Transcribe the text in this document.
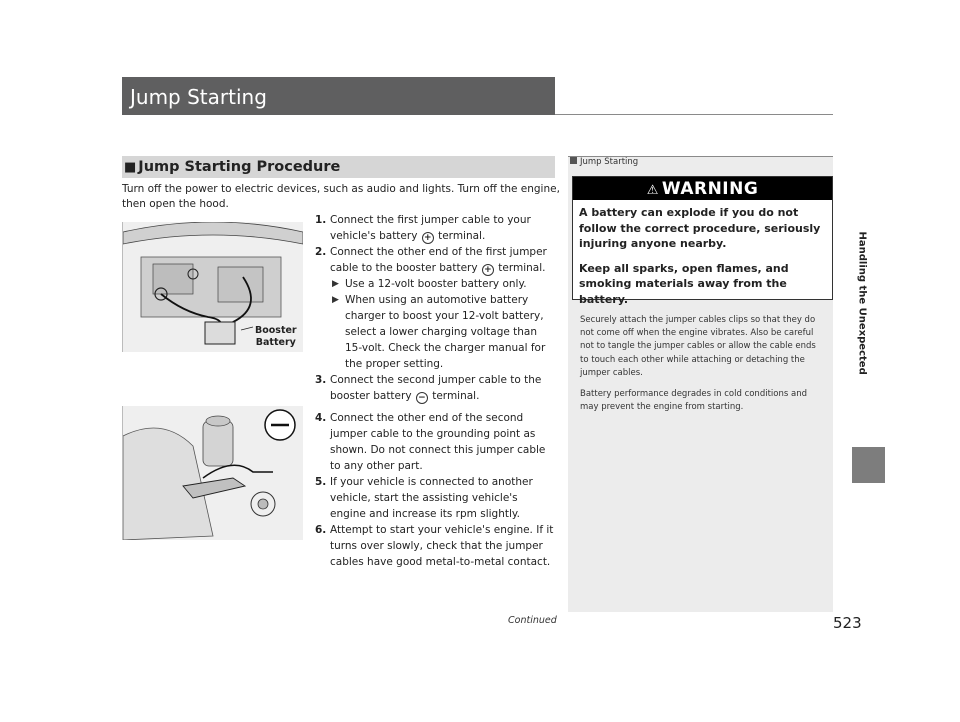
Jump Starting
■ Jump Starting Procedure
Turn off the power to electric devices, such as audio and lights. Turn off the engine, then open the hood.
Booster
Battery
1. Connect the first jumper cable to your vehicle's battery + terminal.
2. Connect the other end of the first jumper cable to the booster battery + terminal.
▶ Use a 12-volt booster battery only.
▶ When using an automotive battery charger to boost your 12-volt battery, select a lower charging voltage than 15-volt. Check the charger manual for the proper setting.
3. Connect the second jumper cable to the booster battery − terminal.
4. Connect the other end of the second jumper cable to the grounding point as shown. Do not connect this jumper cable to any other part.
5. If your vehicle is connected to another vehicle, start the assisting vehicle's engine and increase its rpm slightly.
6. Attempt to start your vehicle's engine. If it turns over slowly, check that the jumper cables have good metal-to-metal contact.
Jump Starting
⚠ WARNING

A battery can explode if you do not follow the correct procedure, seriously injuring anyone nearby.

Keep all sparks, open flames, and smoking materials away from the battery.

Securely attach the jumper cables clips so that they do not come off when the engine vibrates. Also be careful not to tangle the jumper cables or allow the cable ends to touch each other while attaching or detaching the jumper cables.

Battery performance degrades in cold conditions and may prevent the engine from starting.

Handling the Unexpected
Continued	523
